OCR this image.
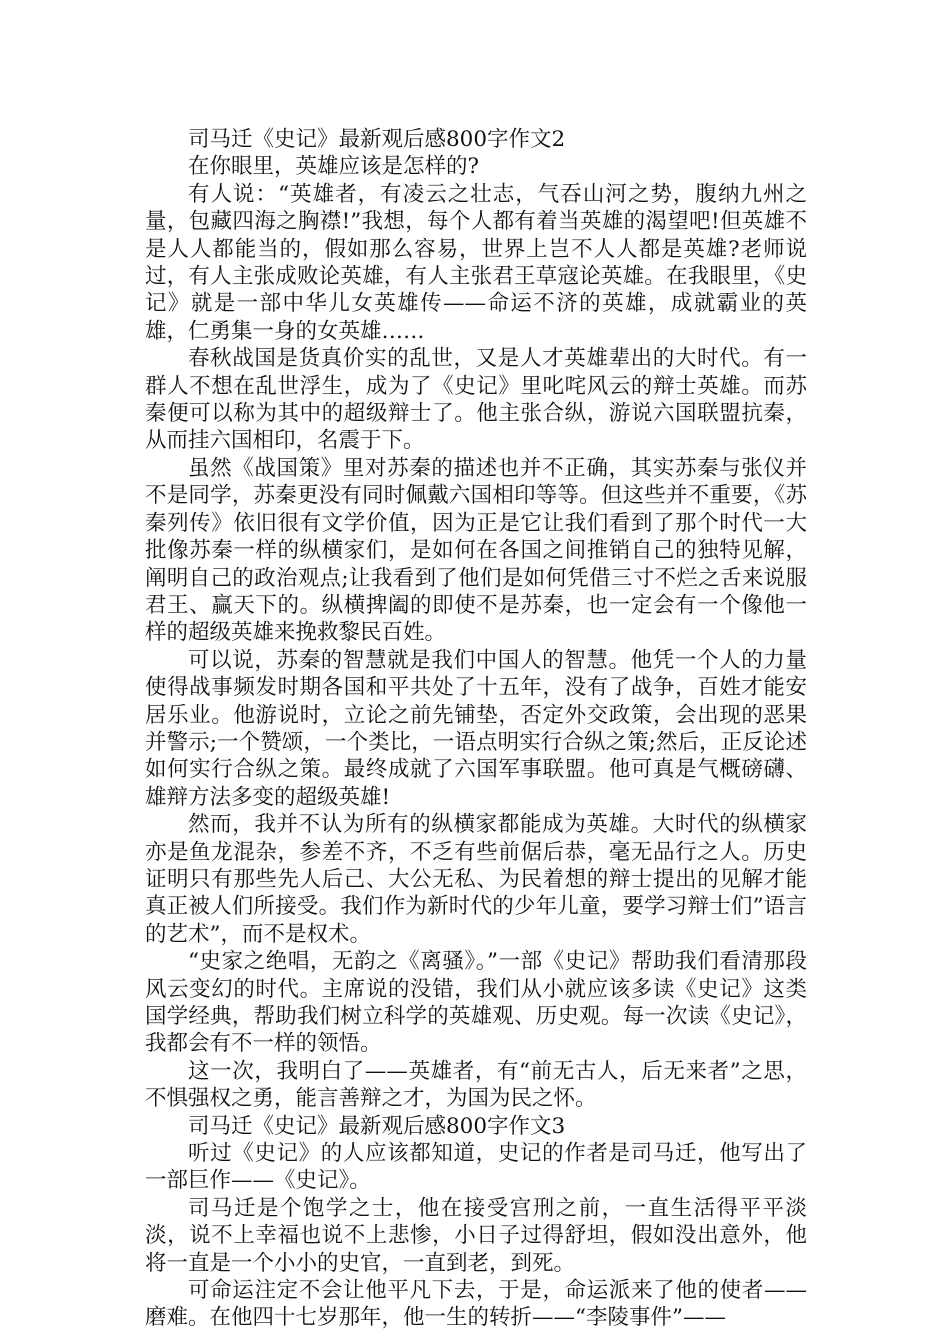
司马迁《史记》最新观后感800字作文2

在你眼里，英雄应该是怎样的?

有人说：“英雄者，有凌云之壮志，气吞山河之势，腹纳九州之量，包藏四海之胸襟!”我想，每个人都有着当英雄的渴望吧!但英雄不是人人都能当的，假如那么容易，世界上岂不人人都是英雄?老师说过，有人主张成败论英雄，有人主张君王草寇论英雄。在我眼里，《史记》就是一部中华儿女英雄传——命运不济的英雄，成就霸业的英雄，仁勇集一身的女英雄……

春秋战国是货真价实的乱世，又是人才英雄辈出的大时代。有一群人不想在乱世浮生，成为了《史记》里叱咤风云的辩士英雄。而苏秦便可以称为其中的超级辩士了。他主张合纵，游说六国联盟抗秦，从而挂六国相印，名震于下。

虽然《战国策》里对苏秦的描述也并不正确，其实苏秦与张仪并不是同学，苏秦更没有同时佩戴六国相印等等。但这些并不重要，《苏秦列传》依旧很有文学价值，因为正是它让我们看到了那个时代一大批像苏秦一样的纵横家们，是如何在各国之间推销自己的独特见解，阐明自己的政治观点;让我看到了他们是如何凭借三寸不烂之舌来说服君王、赢天下的。纵横捭阖的即使不是苏秦，也一定会有一个像他一样的超级英雄来挽救黎民百姓。

可以说，苏秦的智慧就是我们中国人的智慧。他凭一个人的力量使得战事频发时期各国和平共处了十五年，没有了战争，百姓才能安居乐业。他游说时，立论之前先铺垫，否定外交政策，会出现的恶果并警示;一个赞颂，一个类比，一语点明实行合纵之策;然后，正反论述如何实行合纵之策。最终成就了六国军事联盟。他可真是气概磅礴、雄辩方法多变的超级英雄!

然而，我并不认为所有的纵横家都能成为英雄。大时代的纵横家亦是鱼龙混杂，参差不齐，不乏有些前倨后恭，毫无品行之人。历史证明只有那些先人后己、大公无私、为民着想的辩士提出的见解才能真正被人们所接受。我们作为新时代的少年儿童，要学习辩士们”语言的艺术”，而不是权术。

“史家之绝唱，无韵之《离骚》。”一部《史记》帮助我们看清那段风云变幻的时代。主席说的没错，我们从小就应该多读《史记》这类国学经典，帮助我们树立科学的英雄观、历史观。每一次读《史记》，我都会有不一样的领悟。

这一次，我明白了——英雄者，有“前无古人，后无来者”之思，不惧强权之勇，能言善辩之才，为国为民之怀。

司马迁《史记》最新观后感800字作文3

听过《史记》的人应该都知道，史记的作者是司马迁，他写出了一部巨作——《史记》。

司马迁是个饱学之士，他在接受宫刑之前，一直生活得平平淡淡，说不上幸福也说不上悲惨，小日子过得舒坦，假如没出意外，他将一直是一个小小的史官，一直到老，到死。

可命运注定不会让他平凡下去，于是，命运派来了他的使者——磨难。在他四十七岁那年，他一生的转折——“李陵事件”——
